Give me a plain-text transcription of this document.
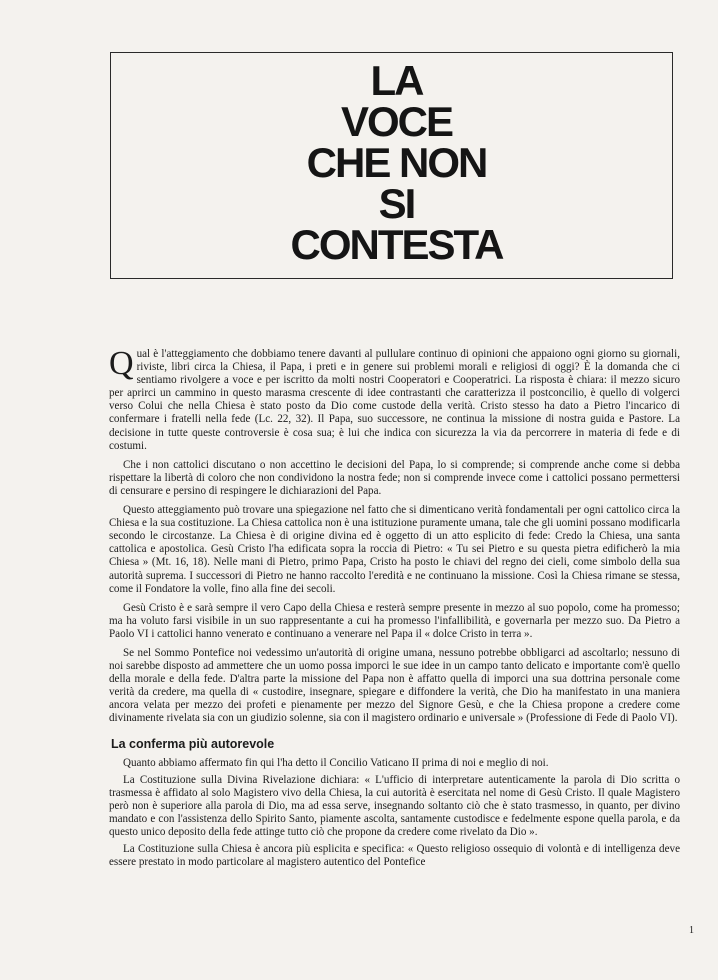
LA
VOCE
CHE NON
SI
CONTESTA

Qual è l'atteggiamento che dobbiamo tenere davanti al pullulare continuo di opinioni che appaiono ogni giorno su giornali, riviste, libri circa la Chiesa, il Papa, i preti e in genere sui problemi morali e religiosi di oggi? È la domanda che ci sentiamo rivolgere a voce e per iscritto da molti nostri Cooperatori e Cooperatrici. La risposta è chiara: il mezzo sicuro per aprirci un cammino in questo marasma crescente di idee contrastanti che caratterizza il postconcilio, è quello di volgerci verso Colui che nella Chiesa è stato posto da Dio come custode della verità. Cristo stesso ha dato a Pietro l'incarico di confermare i fratelli nella fede (Lc. 22, 32). Il Papa, suo successore, ne continua la missione di nostra guida e Pastore. La decisione in tutte queste controversie è cosa sua; è lui che indica con sicurezza la via da percorrere in materia di fede e di costumi.

Che i non cattolici discutano o non accettino le decisioni del Papa, lo si comprende; si comprende anche come si debba rispettare la libertà di coloro che non condividono la nostra fede; non si comprende invece come i cattolici possano permettersi di censurare e persino di respingere le dichiarazioni del Papa.

Questo atteggiamento può trovare una spiegazione nel fatto che si dimenticano verità fondamentali per ogni cattolico circa la Chiesa e la sua costituzione. La Chiesa cattolica non è una istituzione puramente umana, tale che gli uomini possano modificarla secondo le circostanze. La Chiesa è di origine divina ed è oggetto di un atto esplicito di fede: Credo la Chiesa, una santa cattolica e apostolica. Gesù Cristo l'ha edificata sopra la roccia di Pietro: « Tu sei Pietro e su questa pietra edificherò la mia Chiesa » (Mt. 16, 18). Nelle mani di Pietro, primo Papa, Cristo ha posto le chiavi del regno dei cieli, come simbolo della sua autorità suprema. I successori di Pietro ne hanno raccolto l'eredità e ne continuano la missione. Così la Chiesa rimane se stessa, come il Fondatore la volle, fino alla fine dei secoli.

Gesù Cristo è e sarà sempre il vero Capo della Chiesa e resterà sempre presente in mezzo al suo popolo, come ha promesso; ma ha voluto farsi visibile in un suo rappresentante a cui ha promesso l'infallibilità, e governarla per mezzo suo. Da Pietro a Paolo VI i cattolici hanno venerato e continuano a venerare nel Papa il « dolce Cristo in terra ».

Se nel Sommo Pontefice noi vedessimo un'autorità di origine umana, nessuno potrebbe obbligarci ad ascoltarlo; nessuno di noi sarebbe disposto ad ammettere che un uomo possa imporci le sue idee in un campo tanto delicato e importante com'è quello della morale e della fede. D'altra parte la missione del Papa non è affatto quella di imporci una sua dottrina personale come verità da credere, ma quella di « custodire, insegnare, spiegare e diffondere la verità, che Dio ha manifestato in una maniera ancora velata per mezzo dei profeti e pienamente per mezzo del Signore Gesù, e che la Chiesa propone a credere come divinamente rivelata sia con un giudizio solenne, sia con il magistero ordinario e universale » (Professione di Fede di Paolo VI).

La conferma più autorevole

Quanto abbiamo affermato fin qui l'ha detto il Concilio Vaticano II prima di noi e meglio di noi.

La Costituzione sulla Divina Rivelazione dichiara: « L'ufficio di interpretare autenticamente la parola di Dio scritta o trasmessa è affidato al solo Magistero vivo della Chiesa, la cui autorità è esercitata nel nome di Gesù Cristo. Il quale Magistero però non è superiore alla parola di Dio, ma ad essa serve, insegnando soltanto ciò che è stato trasmesso, in quanto, per divino mandato e con l'assistenza dello Spirito Santo, piamente ascolta, santamente custodisce e fedelmente espone quella parola, e da questo unico deposito della fede attinge tutto ciò che propone da credere come rivelato da Dio ».

La Costituzione sulla Chiesa è ancora più esplicita e specifica: « Questo religioso ossequio di volontà e di intelligenza deve essere prestato in modo particolare al magistero autentico del Pontefice

1
